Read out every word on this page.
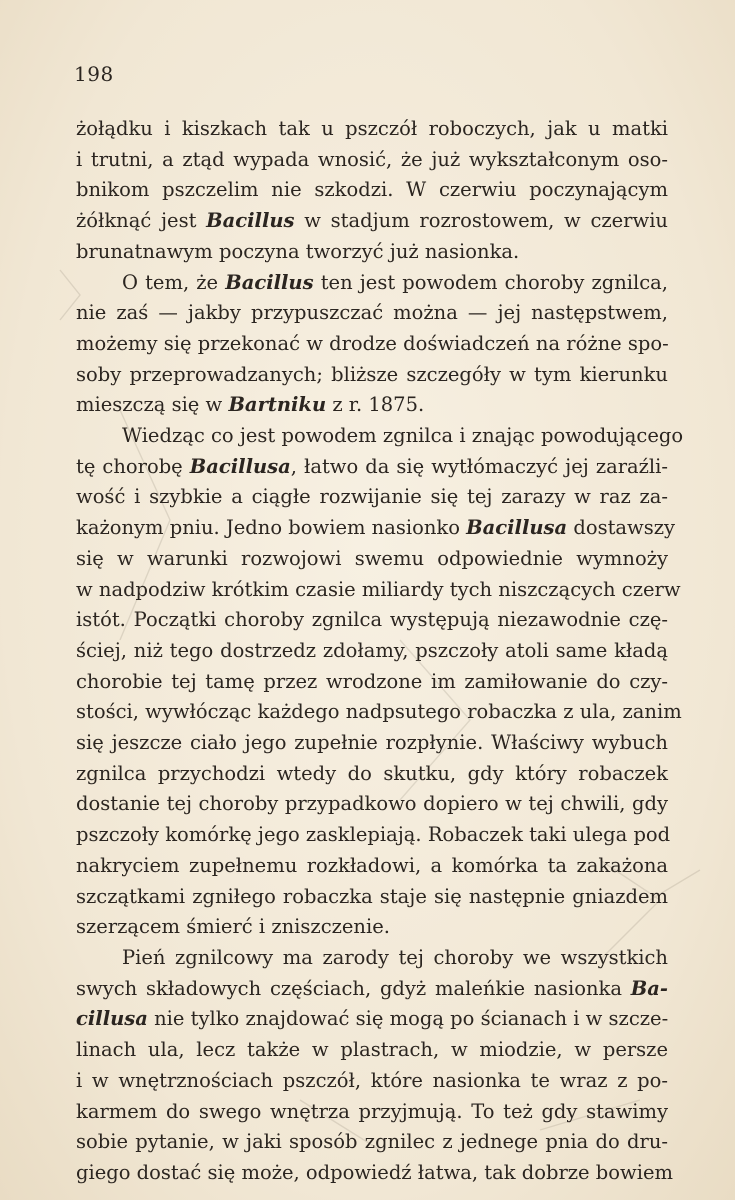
198

żołądku i kiszkach tak u pszczół roboczych, jak u matki
i trutni, a ztąd wypada wnosić, że już wykształconym oso-
bnikom pszczelim nie szkodzi. W czerwiu poczynającym
żółknąć jest Bacillus w stadjum rozrostowem, w czerwiu
brunatnawym poczyna tworzyć już nasionka.

O tem, że Bacillus ten jest powodem choroby zgnilca,
nie zaś — jakby przypuszczać można — jej następstwem,
możemy się przekonać w drodze doświadczeń na różne spo-
soby przeprowadzanych; bliższe szczegóły w tym kierunku
mieszczą się w Bartniku z r. 1875.

Wiedząc co jest powodem zgnilca i znając powodującego
tę chorobę Bacillusa, łatwo da się wytłómaczyć jej zaraźli-
wość i szybkie a ciągłe rozwijanie się tej zarazy w raz za-
każonym pniu. Jedno bowiem nasionko Bacillusa dostawszy
się w warunki rozwojowi swemu odpowiednie wymnoży
w nadpodziw krótkim czasie miliardy tych niszczących czerw
istót. Początki choroby zgnilca występują niezawodnie czę-
ściej, niż tego dostrzedz zdołamy, pszczoły atoli same kładą
chorobie tej tamę przez wrodzone im zamiłowanie do czy-
stości, wywłócząc każdego nadpsutego robaczka z ula, zanim
się jeszcze ciało jego zupełnie rozpłynie. Właściwy wybuch
zgnilca przychodzi wtedy do skutku, gdy który robaczek
dostanie tej choroby przypadkowo dopiero w tej chwili, gdy
pszczoły komórkę jego zasklepiają. Robaczek taki ulega pod
nakryciem zupełnemu rozkładowi, a komórka ta zakażona
szczątkami zgniłego robaczka staje się następnie gniazdem
szerzącem śmierć i zniszczenie.

Pień zgnilcowy ma zarody tej choroby we wszystkich
swych składowych częściach, gdyż maleńkie nasionka Ba-
cillusa nie tylko znajdować się mogą po ścianach i w szcze-
linach ula, lecz także w plastrach, w miodzie, w persze
i w wnętrznościach pszczół, które nasionka te wraz z po-
karmem do swego wnętrza przyjmują. To też gdy stawimy
sobie pytanie, w jaki sposób zgnilec z jednege pnia do dru-
giego dostać się może, odpowiedź łatwa, tak dobrze bowiem
